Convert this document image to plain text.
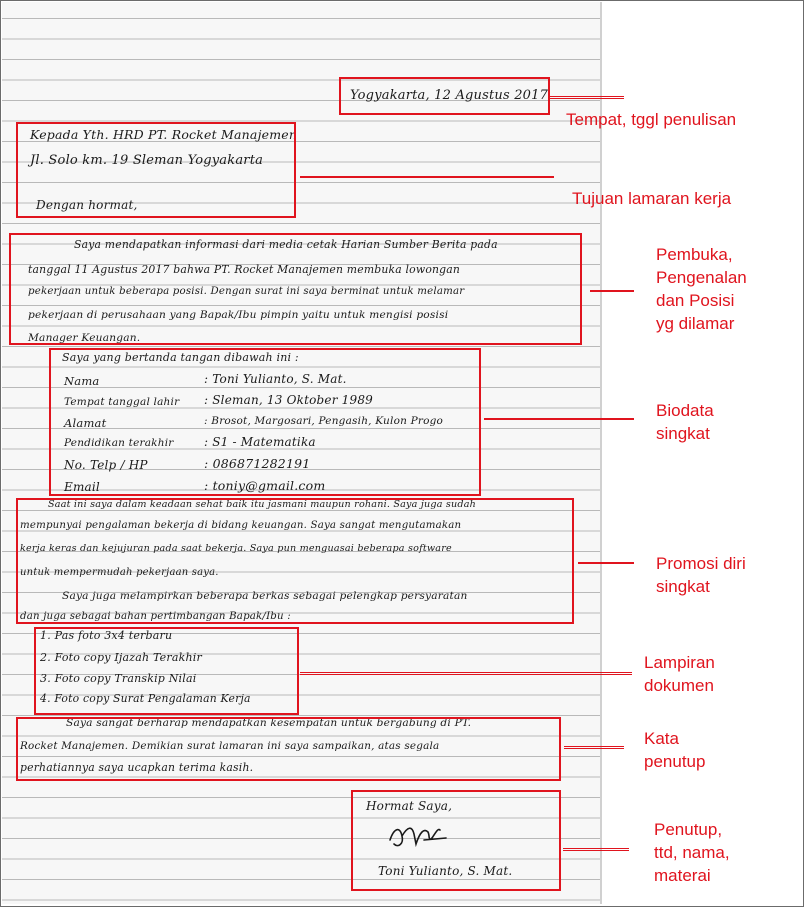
Yogyakarta, 12 Agustus 2017
Kepada Yth. HRD PT. Rocket Manajemen
Jl. Solo km. 19 Sleman Yogyakarta
Dengan hormat,
Saya mendapatkan informasi dari media cetak Harian Sumber Berita pada
tanggal 11 Agustus 2017 bahwa PT. Rocket Manajemen membuka lowongan
pekerjaan untuk beberapa posisi. Dengan surat ini saya berminat untuk melamar
pekerjaan di perusahaan yang Bapak/Ibu pimpin yaitu untuk mengisi posisi
Manager Keuangan.
Saya yang bertanda tangan dibawah ini :
Nama	: Toni Yulianto, S. Mat.
Tempat tanggal lahir : Sleman, 13 Oktober 1989
Alamat	: Brosot, Margosari, Pengasih, Kulon Progo
Pendidikan terakhir	: S1 - Matematika
No. Telp / HP	: 086871282191
Email	: toniy@gmail.com
Saat ini saya dalam keadaan sehat baik itu jasmani maupun rohani. Saya juga sudah
mempunyai pengalaman bekerja di bidang keuangan. Saya sangat mengutamakan
kerja keras dan kejujuran pada saat bekerja. Saya pun menguasai beberapa software
untuk mempermudah pekerjaan saya.
Saya juga melampirkan beberapa berkas sebagai pelengkap persyaratan
dan juga sebagai bahan pertimbangan Bapak/Ibu :
1. Pas foto 3x4 terbaru
2. Foto copy Ijazah Terakhir
3. Foto copy Transkip Nilai
4. Foto copy Surat Pengalaman Kerja
Saya sangat berharap mendapatkan kesempatan untuk bergabung di PT.
Rocket Manajemen. Demikian surat lamaran ini saya sampaikan, atas segala
perhatiannya saya ucapkan terima kasih.
Hormat Saya,
Toni Yulianto, S. Mat.
Tempat, tggl penulisan
Tujuan lamaran kerja
Pembuka,
Pengenalan
dan Posisi
yg dilamar
Biodata
singkat
Promosi diri
singkat
Lampiran
dokumen
Kata
penutup
Penutup,
ttd, nama,
materai
